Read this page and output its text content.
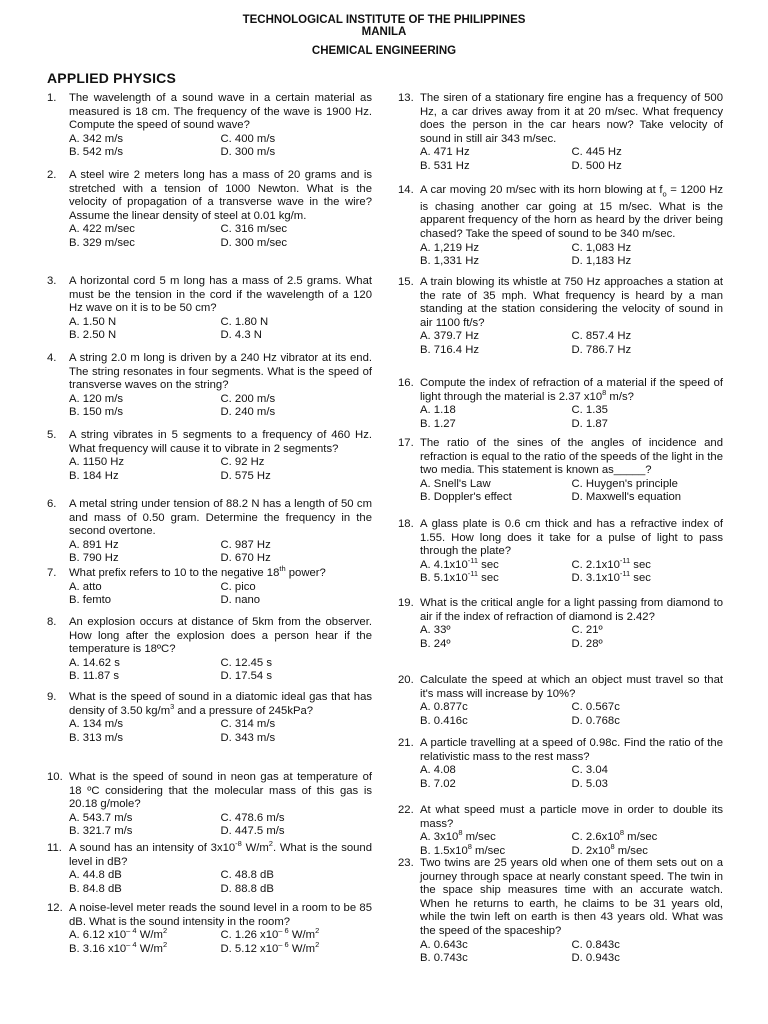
TECHNOLOGICAL INSTITUTE OF THE PHILIPPINES
MANILA
CHEMICAL ENGINEERING
APPLIED PHYSICS
1. The wavelength of a sound wave in a certain material as measured is 18 cm. The frequency of the wave is 1900 Hz. Compute the speed of sound wave?
A. 342 m/s	C. 400 m/s
B. 542 m/s	D. 300 m/s
2. A steel wire 2 meters long has a mass of 20 grams and is stretched with a tension of 1000 Newton. What is the velocity of propagation of a transverse wave in the wire? Assume the linear density of steel at 0.01 kg/m.
A. 422 m/sec	C. 316 m/sec
B. 329 m/sec	D. 300 m/sec
3. A horizontal cord 5 m long has a mass of 2.5 grams. What must be the tension in the cord if the wavelength of a 120 Hz wave on it is to be 50 cm?
A. 1.50 N	C. 1.80 N
B. 2.50 N	D. 4.3 N
4. A string 2.0 m long is driven by a 240 Hz vibrator at its end. The string resonates in four segments. What is the speed of transverse waves on the string?
A. 120 m/s	C. 200 m/s
B. 150 m/s	D. 240 m/s
5. A string vibrates in 5 segments to a frequency of 460 Hz. What frequency will cause it to vibrate in 2 segments?
A. 1150 Hz	C. 92 Hz
B. 184 Hz	D. 575 Hz
6. A metal string under tension of 88.2 N has a length of 50 cm and mass of 0.50 gram. Determine the frequency in the second overtone.
A. 891 Hz	C. 987 Hz
B. 790 Hz	D. 670 Hz
7. What prefix refers to 10 to the negative 18th power?
A. atto	C. pico
B. femto	D. nano
8. An explosion occurs at distance of 5km from the observer. How long after the explosion does a person hear if the temperature is 18ºC?
A. 14.62 s	C. 12.45 s
B. 11.87 s	D. 17.54 s
9. What is the speed of sound in a diatomic ideal gas that has density of 3.50 $kg/m^3$ and a pressure of 245kPa?
A. 134 m/s	C. 314 m/s
B. 313 m/s	D. 343 m/s
10. What is the speed of sound in neon gas at temperature of 18 ºC considering that the molecular mass of this gas is 20.18 g/mole?
A. 543.7 m/s	C. 478.6 m/s
B. 321.7 m/s	D. 447.5 m/s
11. A sound has an intensity of $3x10^{-8}$ $W/m^2$. What is the sound level in dB?
A. 44.8 dB	C. 48.8 dB
B. 84.8 dB	D. 88.8 dB
12. A noise-level meter reads the sound level in a room to be 85 dB. What is the sound intensity in the room?
A. 6.12 $x10^{- 4}$ $W/m^2$	C. 1.26 $x10^{- 6}$ $W/m^2$
B. 3.16 $x10^{- 4}$ $W/m^2$	D. 5.12 $x10^{- 6}$ $W/m^2$
13. The siren of a stationary fire engine has a frequency of 500 Hz, a car drives away from it at 20 m/sec. What frequency does the person in the car hears now? Take velocity of sound in still air 343 m/sec.
A. 471 Hz	C. 445 Hz
B. 531 Hz	D. 500 Hz
14. A car moving 20 m/sec with its horn blowing at $f_o = 1200$ Hz is chasing another car going at 15 m/sec. What is the apparent frequency of the horn as heard by the driver being chased? Take the speed of sound to be 340 m/sec.
A. 1,219 Hz	C. 1,083 Hz
B. 1,331 Hz	D. 1,183 Hz
15. A train blowing its whistle at 750 Hz approaches a station at the rate of 35 mph. What frequency is heard by a man standing at the station considering the velocity of sound in air 1100 ft/s?
A. 379.7 Hz	C. 857.4 Hz
B. 716.4 Hz	D. 786.7 Hz
16. Compute the index of refraction of a material if the speed of light through the material is 2.37 $x10^8$ m/s?
A. 1.18	C. 1.35
B. 1.27	D. 1.87
17. The ratio of the sines of the angles of incidence and refraction is equal to the ratio of the speeds of the light in the two media. This statement is known as_____?
A. Snell's Law	C. Huygen's principle
B. Doppler's effect	D. Maxwell's equation
18. A glass plate is 0.6 cm thick and has a refractive index of 1.55. How long does it take for a pulse of light to pass through the plate?
A. $4.1x10^{-11}$ sec	C. $2.1x10^{-11}$ sec
B. $5.1x10^{-11}$ sec	D. $3.1x10^{-11}$ sec
19. What is the critical angle for a light passing from diamond to air if the index of refraction of diamond is 2.42?
A. 33º	C. 21º
B. 24º	D. 28º
20. Calculate the speed at which an object must travel so that it's mass will increase by 10%?
A. 0.877c	C. 0.567c
B. 0.416c	D. 0.768c
21. A particle travelling at a speed of 0.98c. Find the ratio of the relativistic mass to the rest mass?
A. 4.08	C. 3.04
B. 7.02	D. 5.03
22. At what speed must a particle move in order to double its mass?
A. $3x10^8$ m/sec	C. $2.6x10^8$ m/sec
B. $1.5x10^8$ m/sec	D. $2x10^8$ m/sec
23. Two twins are 25 years old when one of them sets out on a journey through space at nearly constant speed. The twin in the space ship measures time with an accurate watch. When he returns to earth, he claims to be 31 years old, while the twin left on earth is then 43 years old. What was the speed of the spaceship?
A. 0.643c	C. 0.843c
B. 0.743c	D. 0.943c
